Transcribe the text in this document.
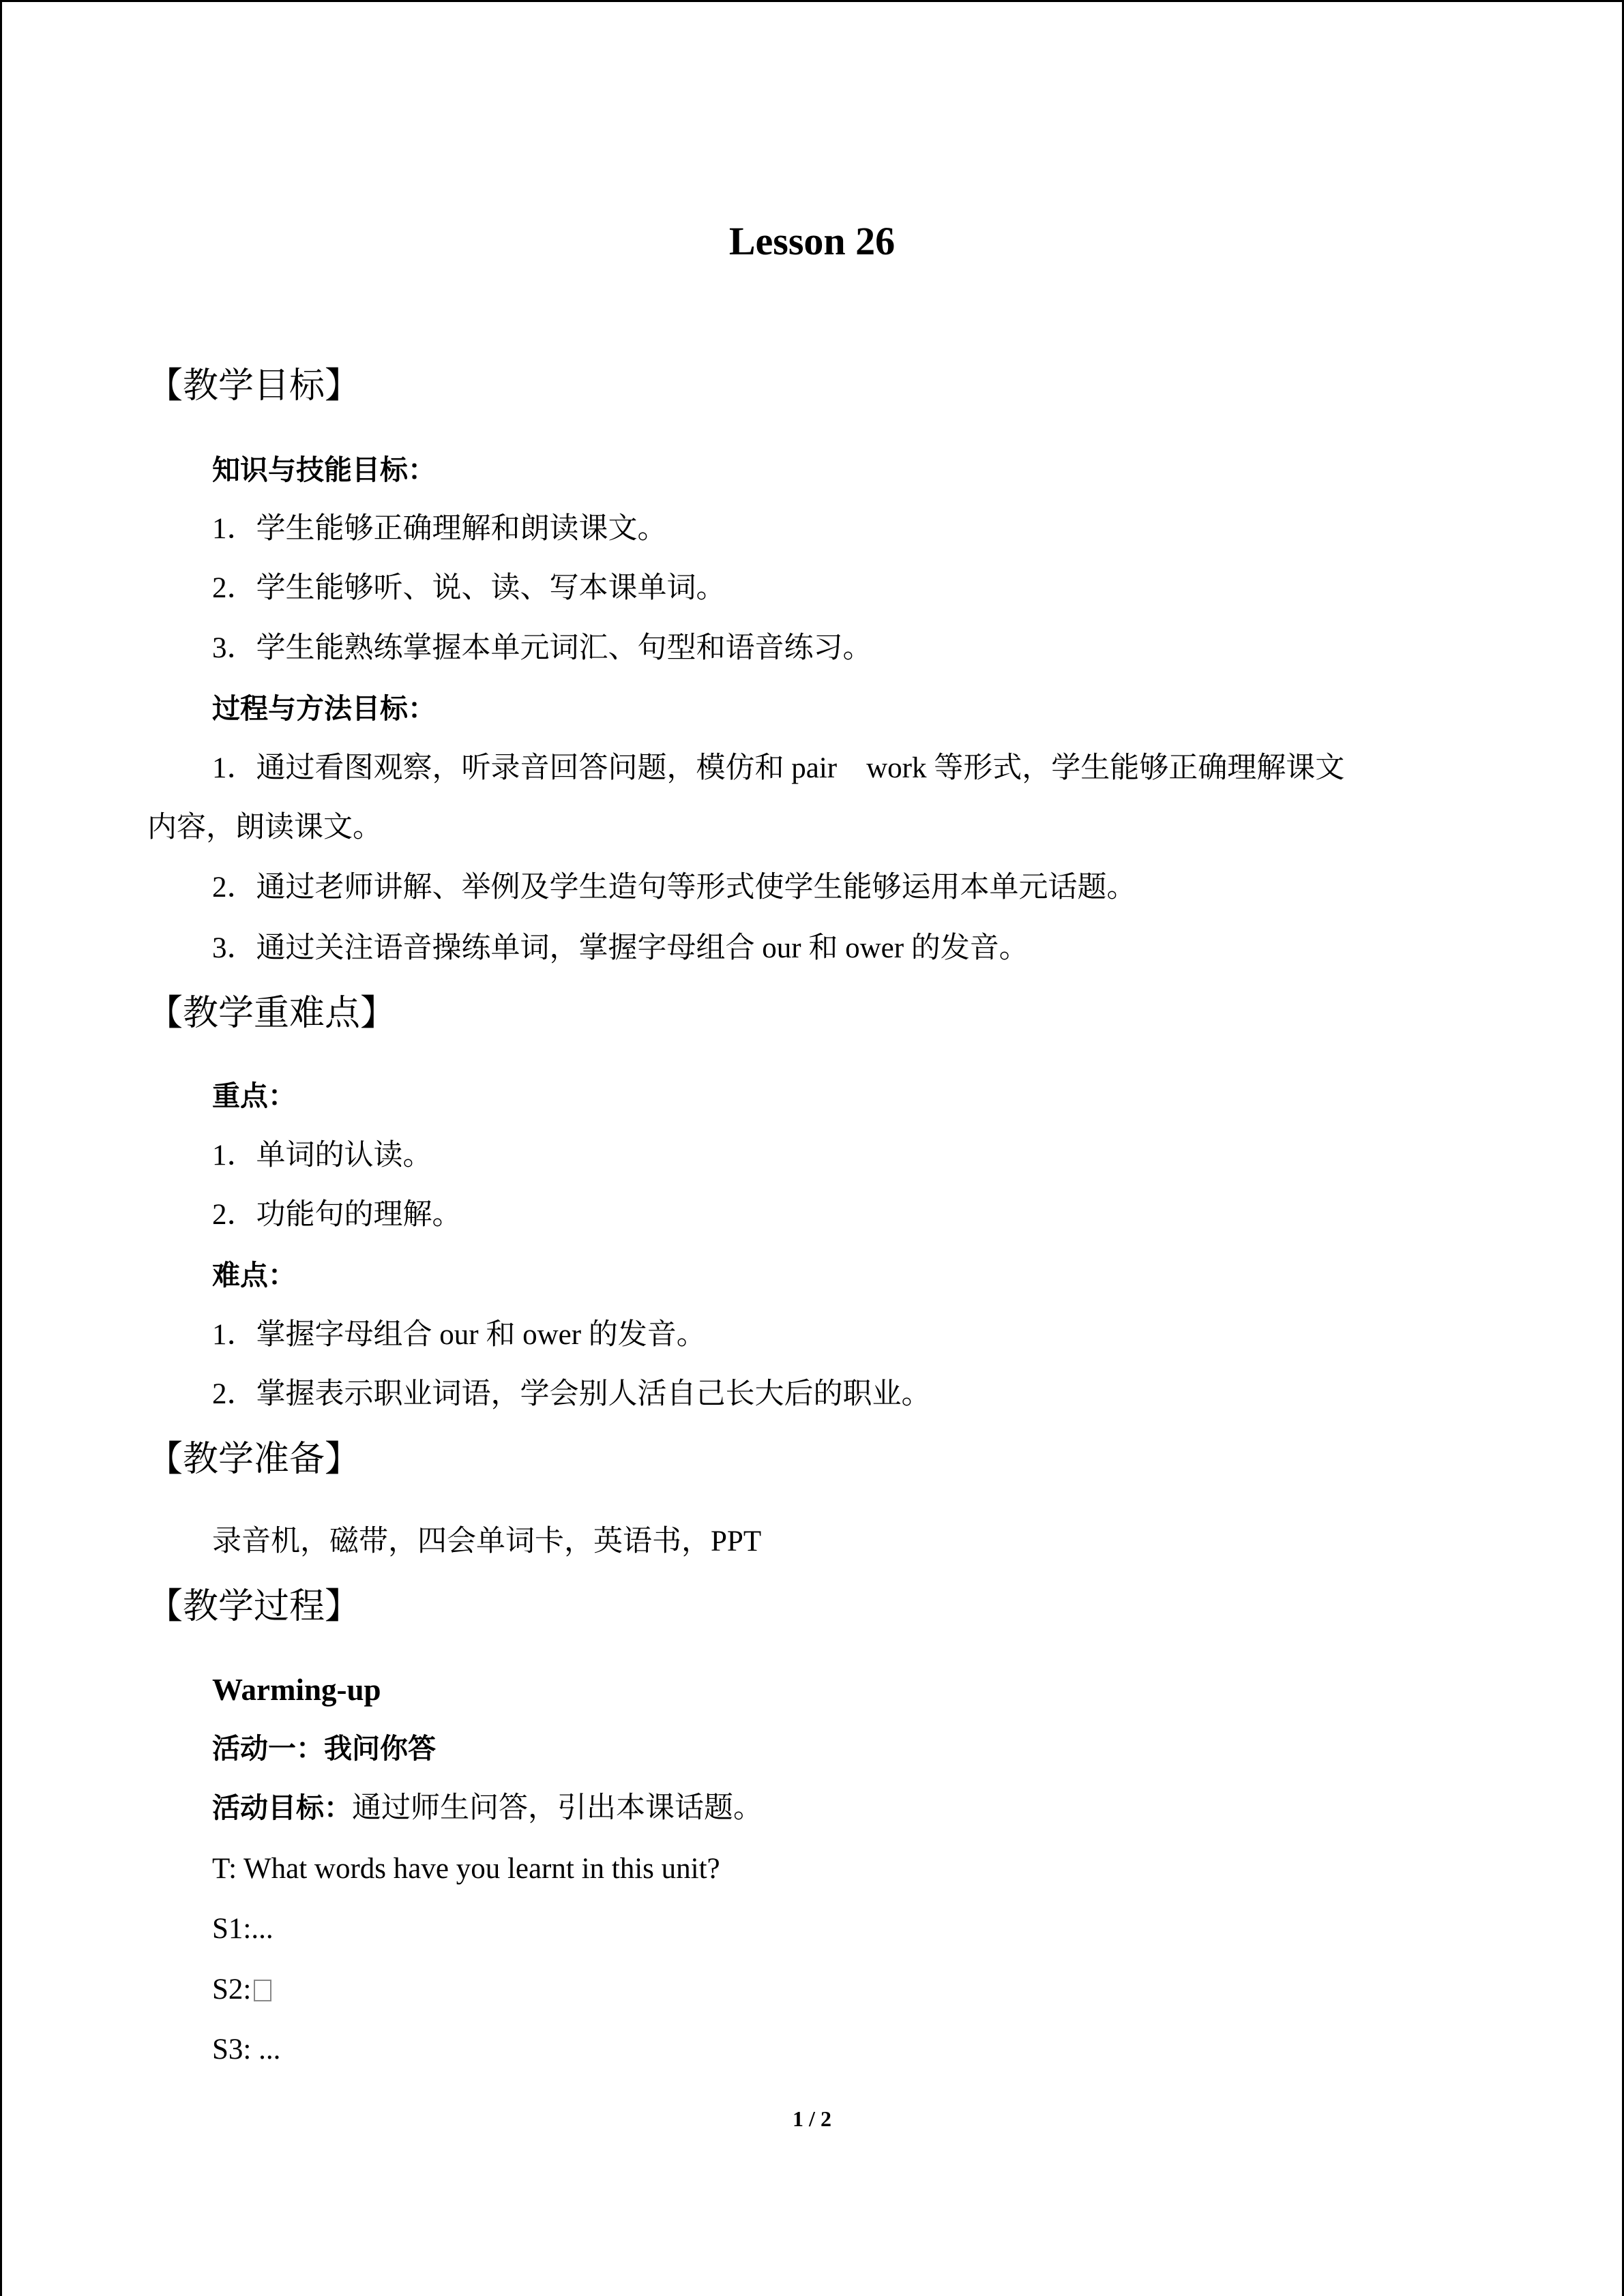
Lesson 26
【教学目标】
知识与技能目标：
1．学生能够正确理解和朗读课文。
2．学生能够听、说、读、写本课单词。
3．学生能熟练掌握本单元词汇、句型和语音练习。
过程与方法目标：
1．通过看图观察，听录音回答问题，模仿和 pair　work 等形式，学生能够正确理解课文
内容，朗读课文。
2．通过老师讲解、举例及学生造句等形式使学生能够运用本单元话题。
3．通过关注语音操练单词，掌握字母组合 our 和 ower 的发音。
【教学重难点】
重点：
1．单词的认读。
2．功能句的理解。
难点：
1．掌握字母组合 our 和 ower 的发音。
2．掌握表示职业词语，学会别人活自己长大后的职业。
【教学准备】
录音机，磁带，四会单词卡，英语书，PPT
【教学过程】
Warming-up
活动一：我问你答
活动目标：通过师生问答，引出本课话题。
T: What words have you learnt in this unit?
S1:...
S2:
S3: ...
1 / 2
